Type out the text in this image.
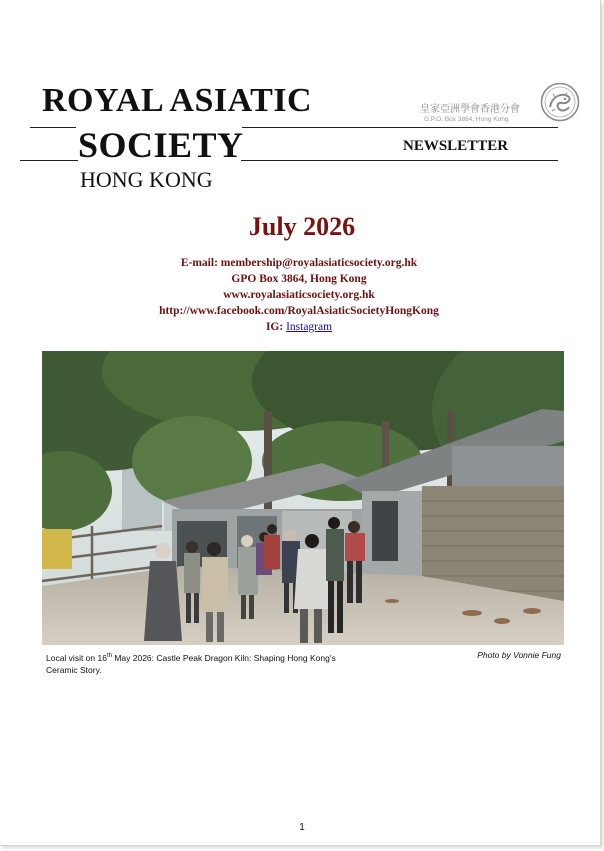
ROYAL ASIATIC
SOCIETY
HONG KONG
皇家亞洲學會香港分會
G.P.O. Box 3864, Hong Kong
NEWSLETTER
July 2026
E-mail: membership@royalasiaticsociety.org.hk
GPO Box 3864, Hong Kong
www.royalasiaticsociety.org.hk
http://www.facebook.com/RoyalAsiaticSocietyHongKong
IG: Instagram
Local visit on 16th May 2026: Castle Peak Dragon Kiln: Shaping Hong Kong’s Ceramic Story.
Photo by Vonnie Fung
1
